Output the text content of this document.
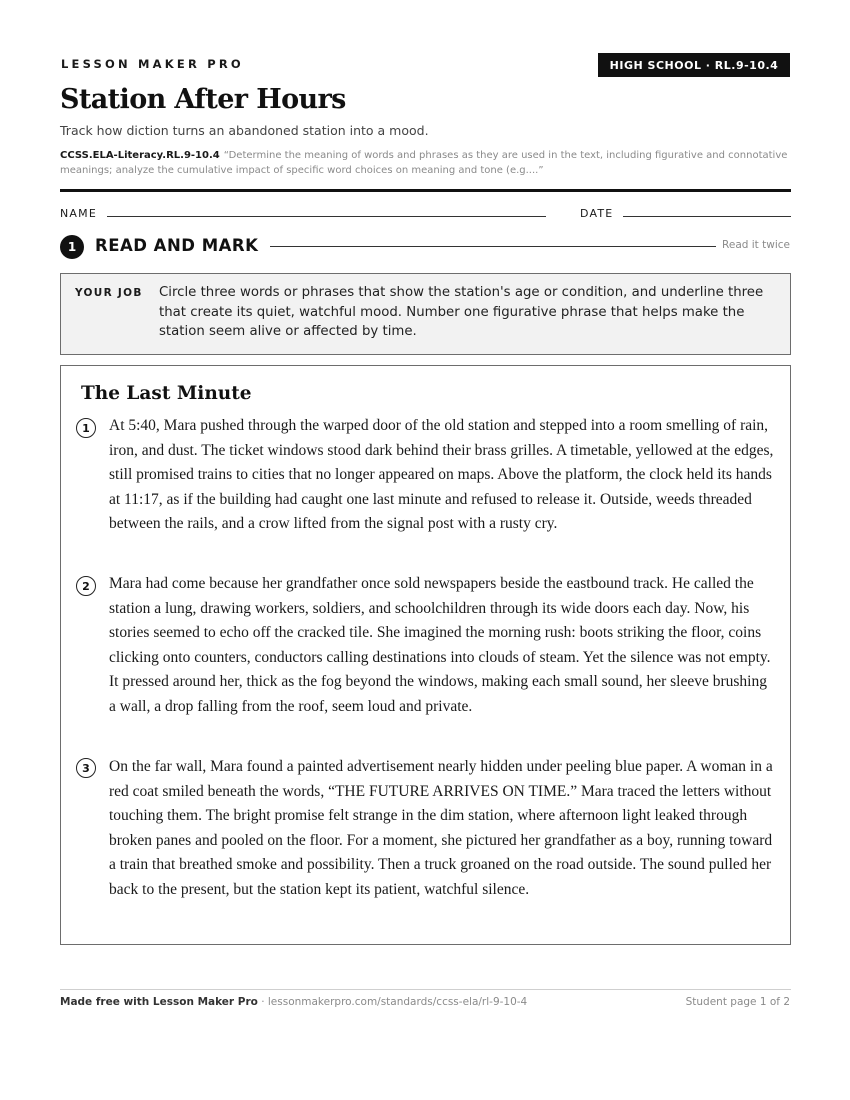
LESSON MAKER PRO	HIGH SCHOOL · RL.9-10.4
Station After Hours
Track how diction turns an abandoned station into a mood.
CCSS.ELA-Literacy.RL.9-10.4 “Determine the meaning of words and phrases as they are used in the text, including figurative and connotative meanings; analyze the cumulative impact of specific word choices on meaning and tone (e.g....”
NAME	DATE
1	READ AND MARK	Read it twice
YOUR JOB Circle three words or phrases that show the station's age or condition, and underline three that create its quiet, watchful mood. Number one figurative phrase that helps make the station seem alive or affected by time.
The Last Minute
1	At 5:40, Mara pushed through the warped door of the old station and stepped into a room smelling of rain, iron, and dust. The ticket windows stood dark behind their brass grilles. A timetable, yellowed at the edges, still promised trains to cities that no longer appeared on maps. Above the platform, the clock held its hands at 11:17, as if the building had caught one last minute and refused to release it. Outside, weeds threaded between the rails, and a crow lifted from the signal post with a rusty cry.

2	Mara had come because her grandfather once sold newspapers beside the eastbound track. He called the station a lung, drawing workers, soldiers, and schoolchildren through its wide doors each day. Now, his stories seemed to echo off the cracked tile. She imagined the morning rush: boots striking the floor, coins clicking onto counters, conductors calling destinations into clouds of steam. Yet the silence was not empty. It pressed around her, thick as the fog beyond the windows, making each small sound, her sleeve brushing a wall, a drop falling from the roof, seem loud and private.

3	On the far wall, Mara found a painted advertisement nearly hidden under peeling blue paper. A woman in a red coat smiled beneath the words, “THE FUTURE ARRIVES ON TIME.” Mara traced the letters without touching them. The bright promise felt strange in the dim station, where afternoon light leaked through broken panes and pooled on the floor. For a moment, she pictured her grandfather as a boy, running toward a train that breathed smoke and possibility. Then a truck groaned on the road outside. The sound pulled her back to the present, but the station kept its patient, watchful silence.

Made free with Lesson Maker Pro · lessonmakerpro.com/standards/ccss-ela/rl-9-10-4	Student page 1 of 2
